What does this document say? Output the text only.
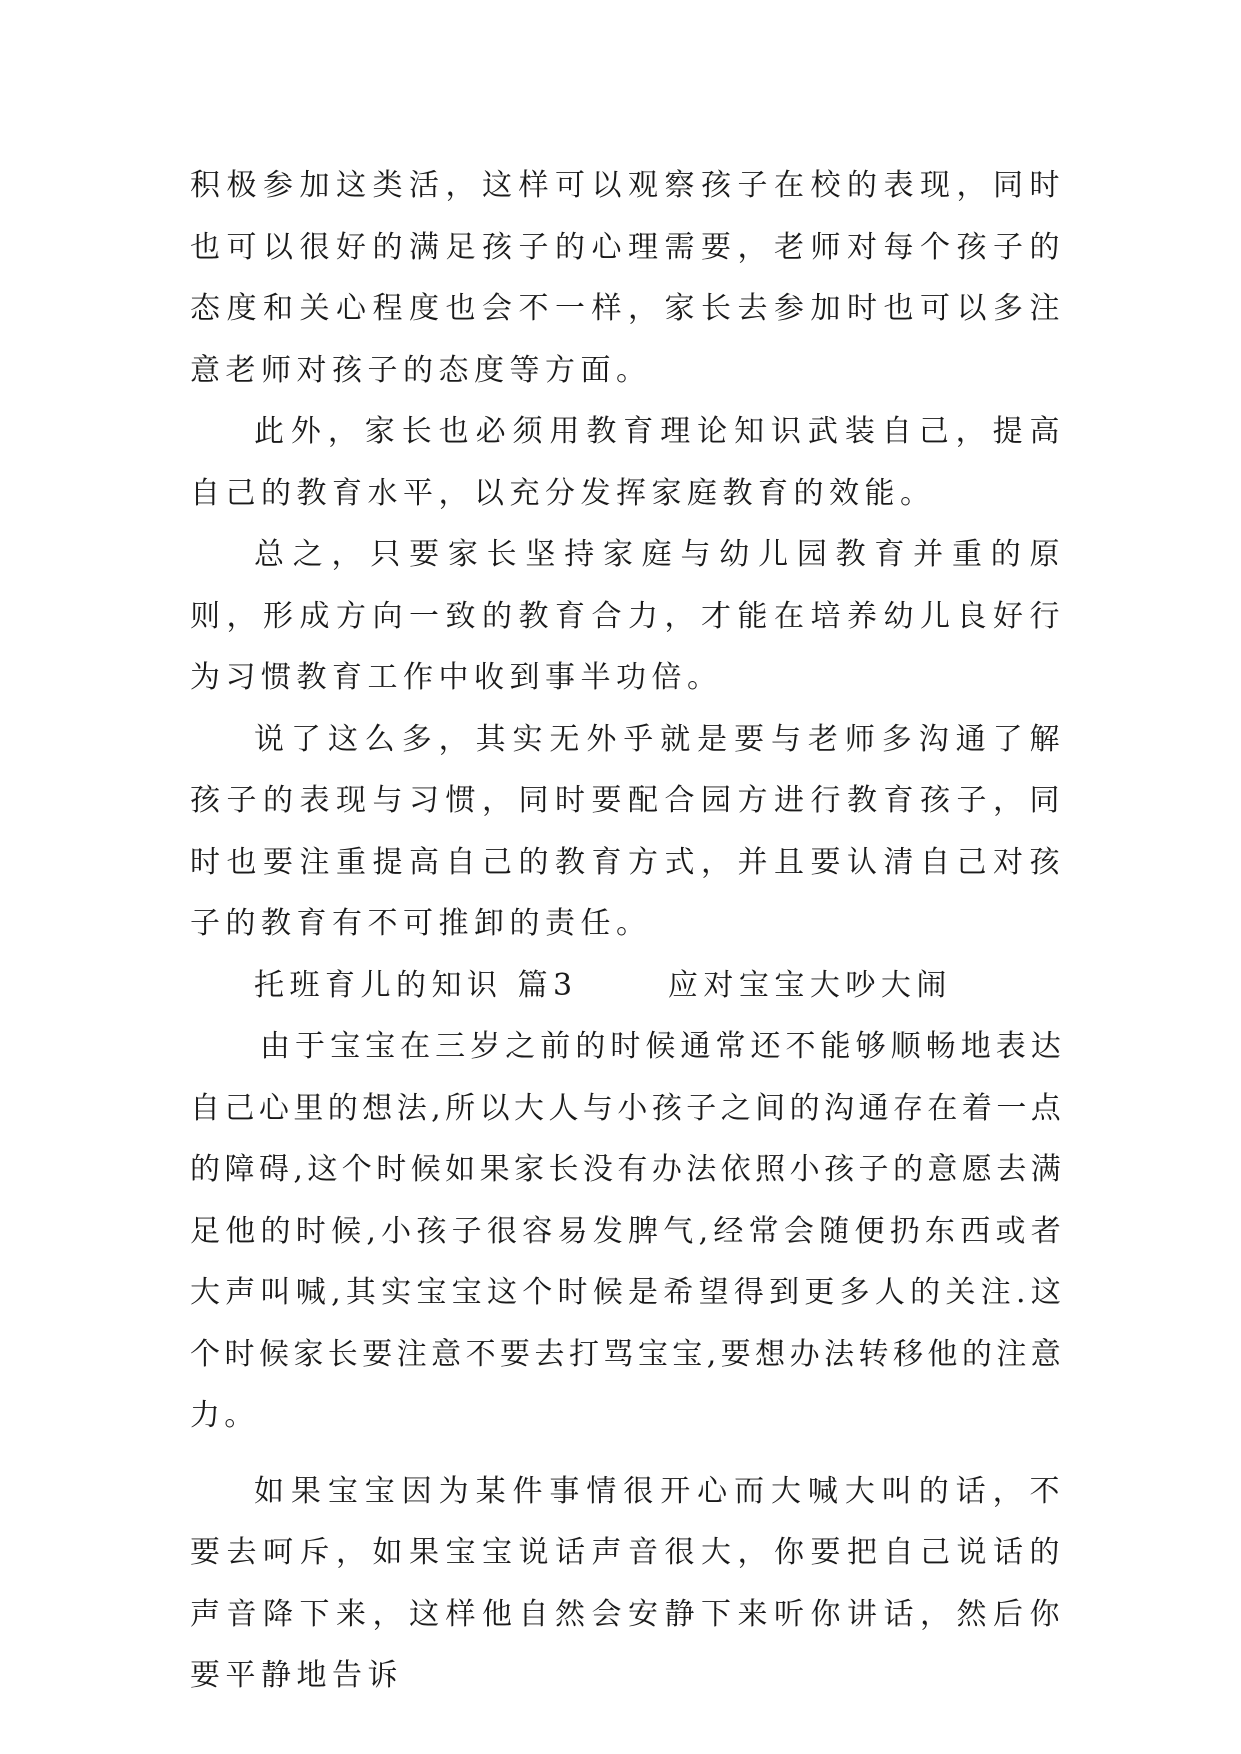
积极参加这类活，这样可以观察孩子在校的表现，同时也可以很好的满足孩子的心理需要，老师对每个孩子的态度和关心程度也会不一样，家长去参加时也可以多注意老师对孩子的态度等方面。

此外，家长也必须用教育理论知识武装自己，提高自己的教育水平，以充分发挥家庭教育的效能。

总之，只要家长坚持家庭与幼儿园教育并重的原则，形成方向一致的教育合力，才能在培养幼儿良好行为习惯教育工作中收到事半功倍。

说了这么多，其实无外乎就是要与老师多沟通了解孩子的表现与习惯，同时要配合园方进行教育孩子，同时也要注重提高自己的教育方式，并且要认清自己对孩子的教育有不可推卸的责任。

托班育儿的知识 篇3      应对宝宝大吵大闹

由于宝宝在三岁之前的时候通常还不能够顺畅地表达自己心里的想法,所以大人与小孩子之间的沟通存在着一点的障碍,这个时候如果家长没有办法依照小孩子的意愿去满足他的时候,小孩子很容易发脾气,经常会随便扔东西或者大声叫喊,其实宝宝这个时候是希望得到更多人的关注.这个时候家长要注意不要去打骂宝宝,要想办法转移他的注意力。

如果宝宝因为某件事情很开心而大喊大叫的话，不要去呵斥，如果宝宝说话声音很大，你要把自己说话的声音降下来，这样他自然会安静下来听你讲话，然后你要平静地告诉
